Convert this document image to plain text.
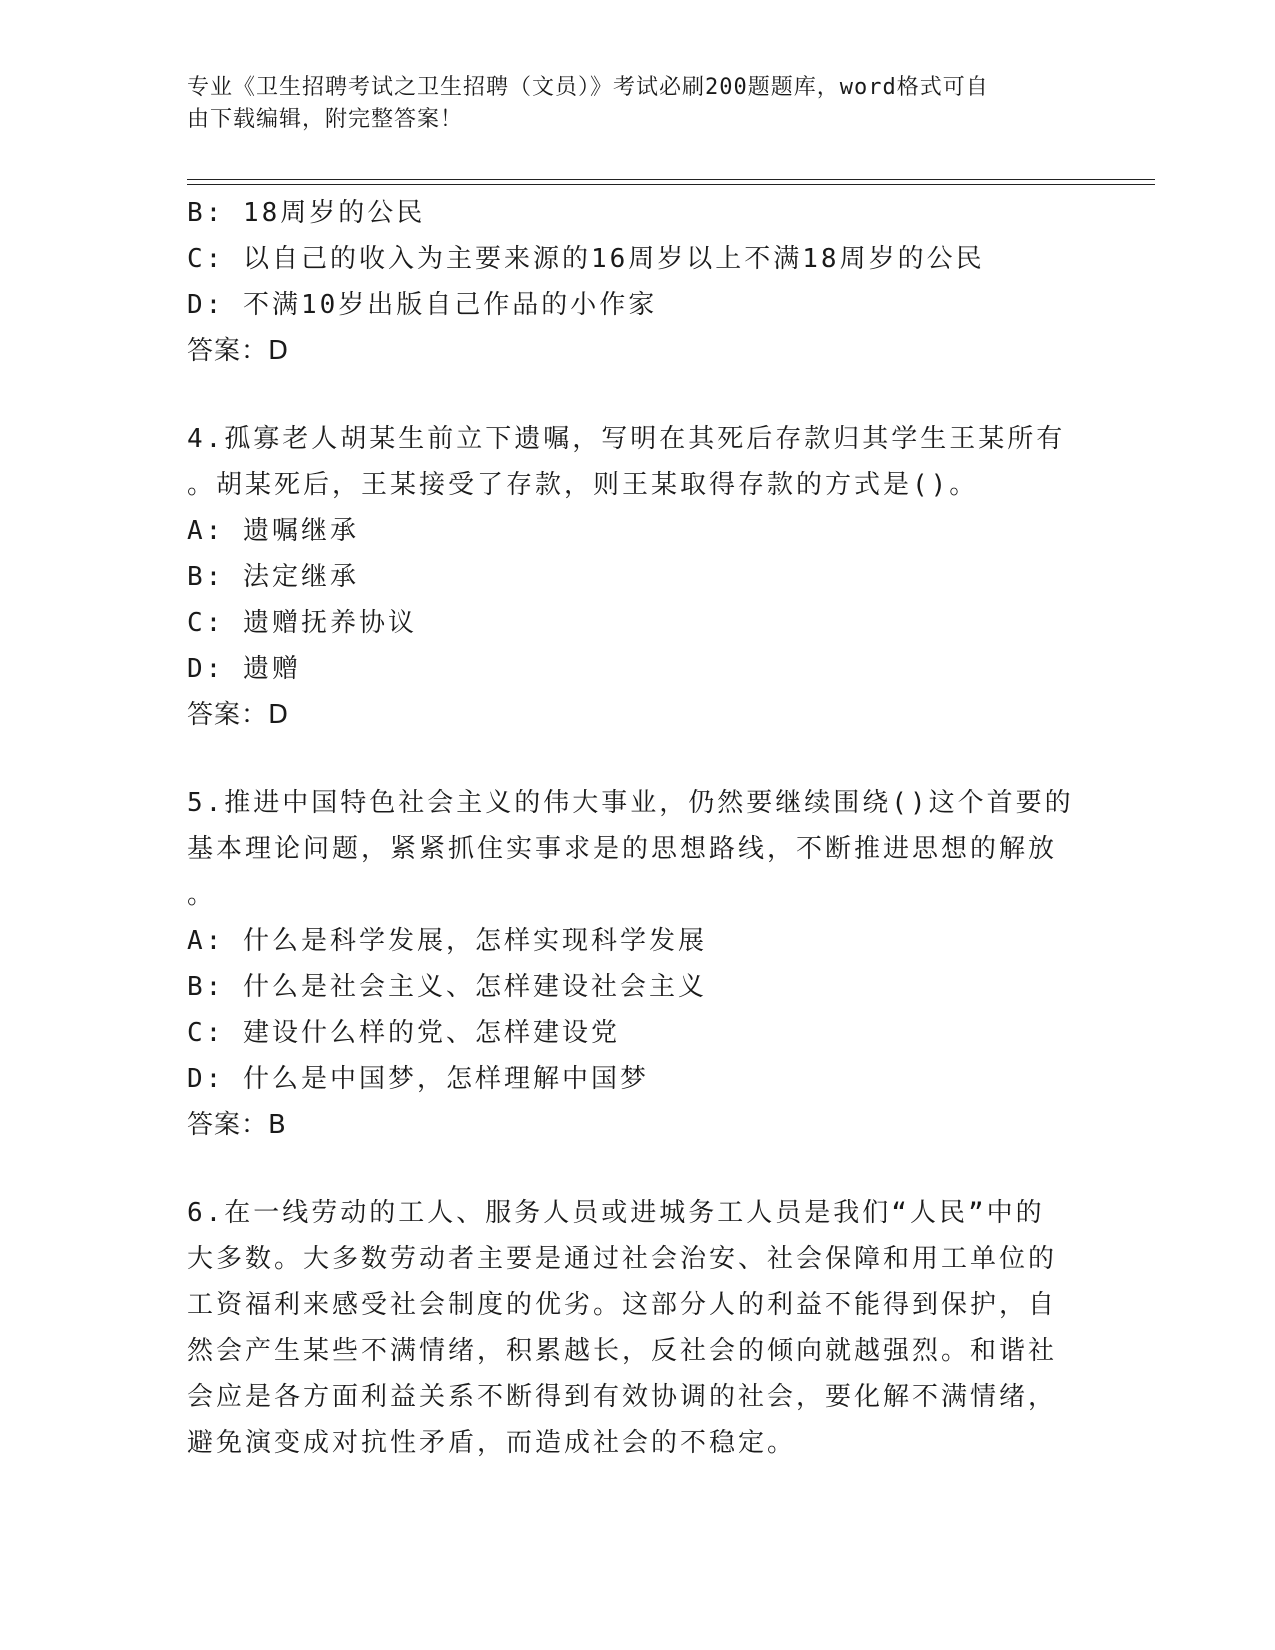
专业《卫生招聘考试之卫生招聘（文员）》考试必刷200题题库，word格式可自
由下载编辑，附完整答案！
B: 18周岁的公民
C: 以自己的收入为主要来源的16周岁以上不满18周岁的公民
D: 不满10岁出版自己作品的小作家
答案：D
4.孤寡老人胡某生前立下遗嘱，写明在其死后存款归其学生王某所有
。胡某死后，王某接受了存款，则王某取得存款的方式是()。
A: 遗嘱继承
B: 法定继承
C: 遗赠抚养协议
D: 遗赠
答案：D
5.推进中国特色社会主义的伟大事业，仍然要继续围绕()这个首要的
基本理论问题，紧紧抓住实事求是的思想路线，不断推进思想的解放
。
A: 什么是科学发展，怎样实现科学发展
B: 什么是社会主义、怎样建设社会主义
C: 建设什么样的党、怎样建设党
D: 什么是中国梦，怎样理解中国梦
答案：B
6.在一线劳动的工人、服务人员或进城务工人员是我们“人民”中的
大多数。大多数劳动者主要是通过社会治安、社会保障和用工单位的
工资福利来感受社会制度的优劣。这部分人的利益不能得到保护，自
然会产生某些不满情绪，积累越长，反社会的倾向就越强烈。和谐社
会应是各方面利益关系不断得到有效协调的社会，要化解不满情绪，
避免演变成对抗性矛盾，而造成社会的不稳定。
